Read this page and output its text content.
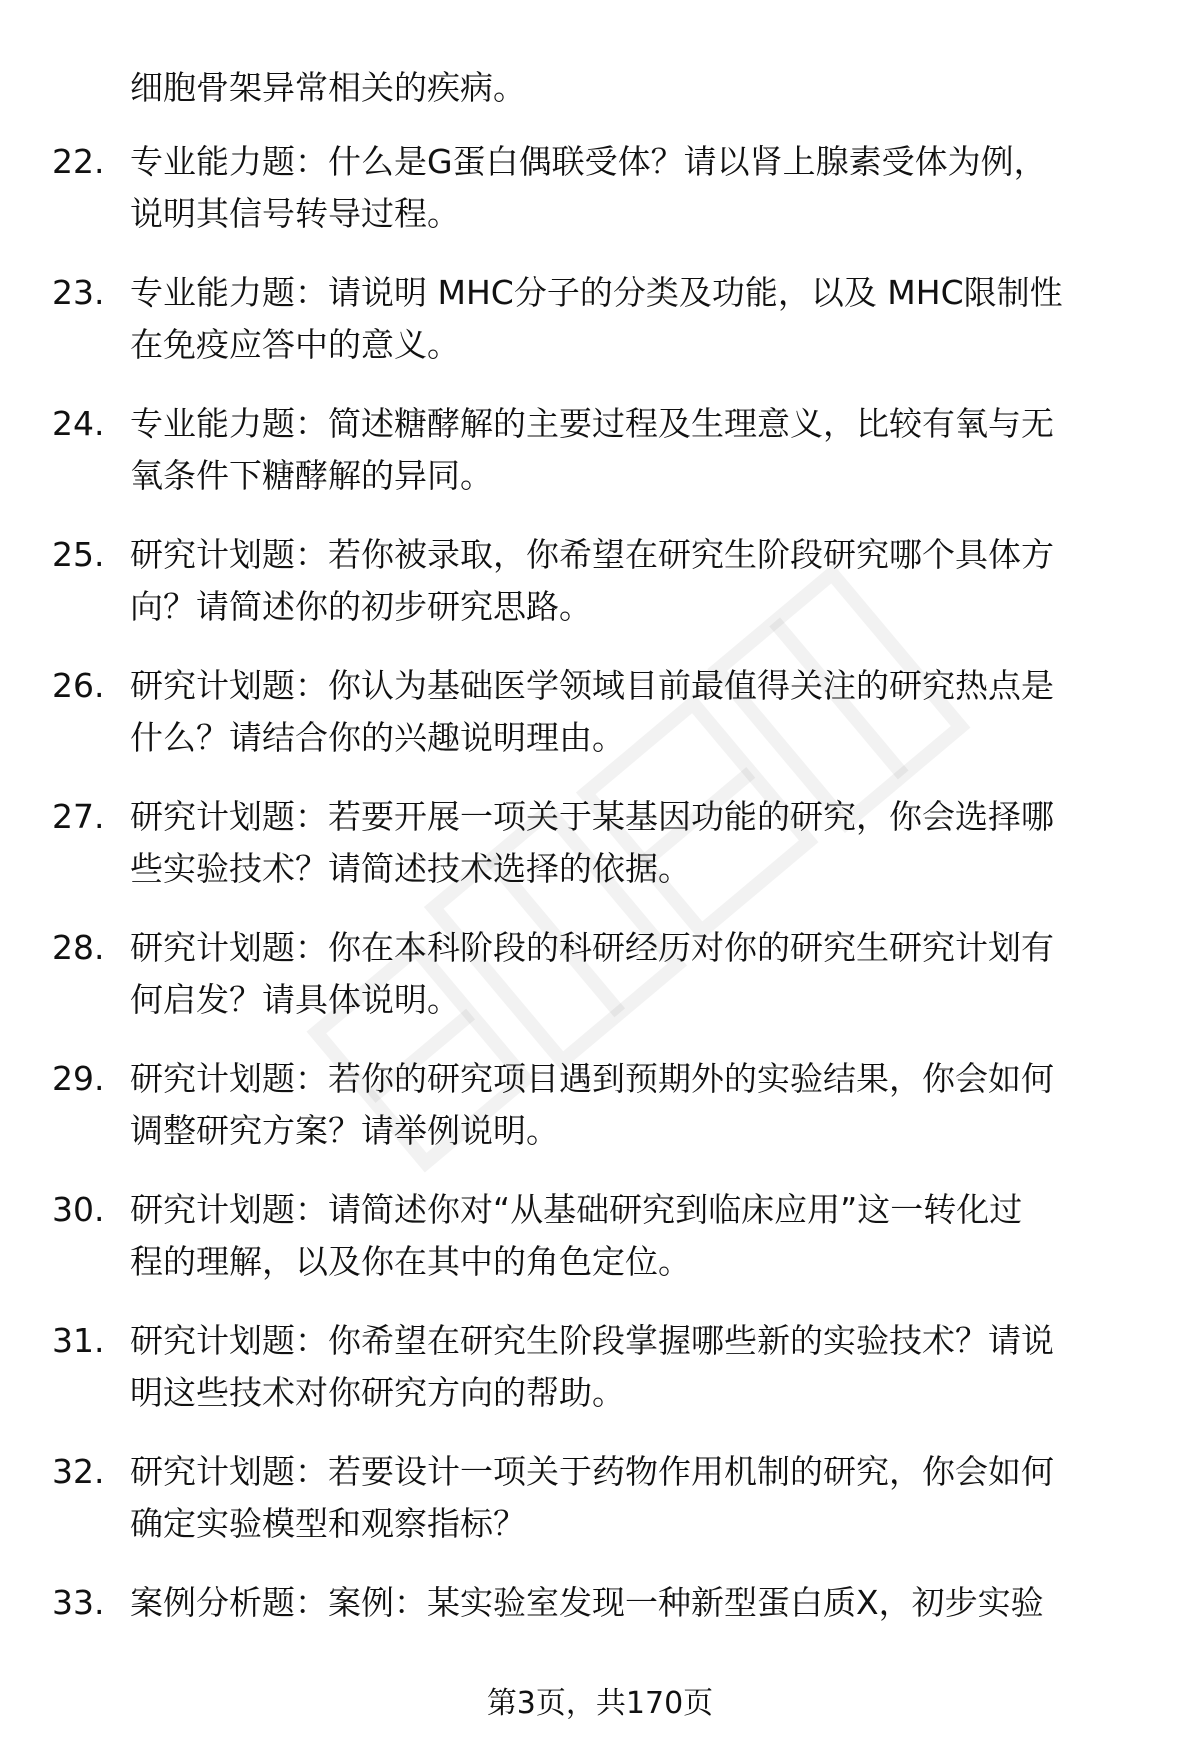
细胞骨架异常相关的疾病。
22. 专业能力题：什么是G蛋白偶联受体？请以肾上腺素受体为例，
说明其信号转导过程。
23. 专业能力题：请说明 MHC分子的分类及功能，以及 MHC限制性
在免疫应答中的意义。
24. 专业能力题：简述糖酵解的主要过程及生理意义，比较有氧与无
氧条件下糖酵解的异同。
25. 研究计划题：若你被录取，你希望在研究生阶段研究哪个具体方
向？请简述你的初步研究思路。
26. 研究计划题：你认为基础医学领域目前最值得关注的研究热点是
什么？请结合你的兴趣说明理由。
27. 研究计划题：若要开展一项关于某基因功能的研究，你会选择哪
些实验技术？请简述技术选择的依据。
28. 研究计划题：你在本科阶段的科研经历对你的研究生研究计划有
何启发？请具体说明。
29. 研究计划题：若你的研究项目遇到预期外的实验结果，你会如何
调整研究方案？请举例说明。
30. 研究计划题：请简述你对“从基础研究到临床应用”这一转化过
程的理解，以及你在其中的角色定位。
31. 研究计划题：你希望在研究生阶段掌握哪些新的实验技术？请说
明这些技术对你研究方向的帮助。
32. 研究计划题：若要设计一项关于药物作用机制的研究，你会如何
确定实验模型和观察指标？
33. 案例分析题：案例：某实验室发现一种新型蛋白质X，初步实验
第3页，共170页
